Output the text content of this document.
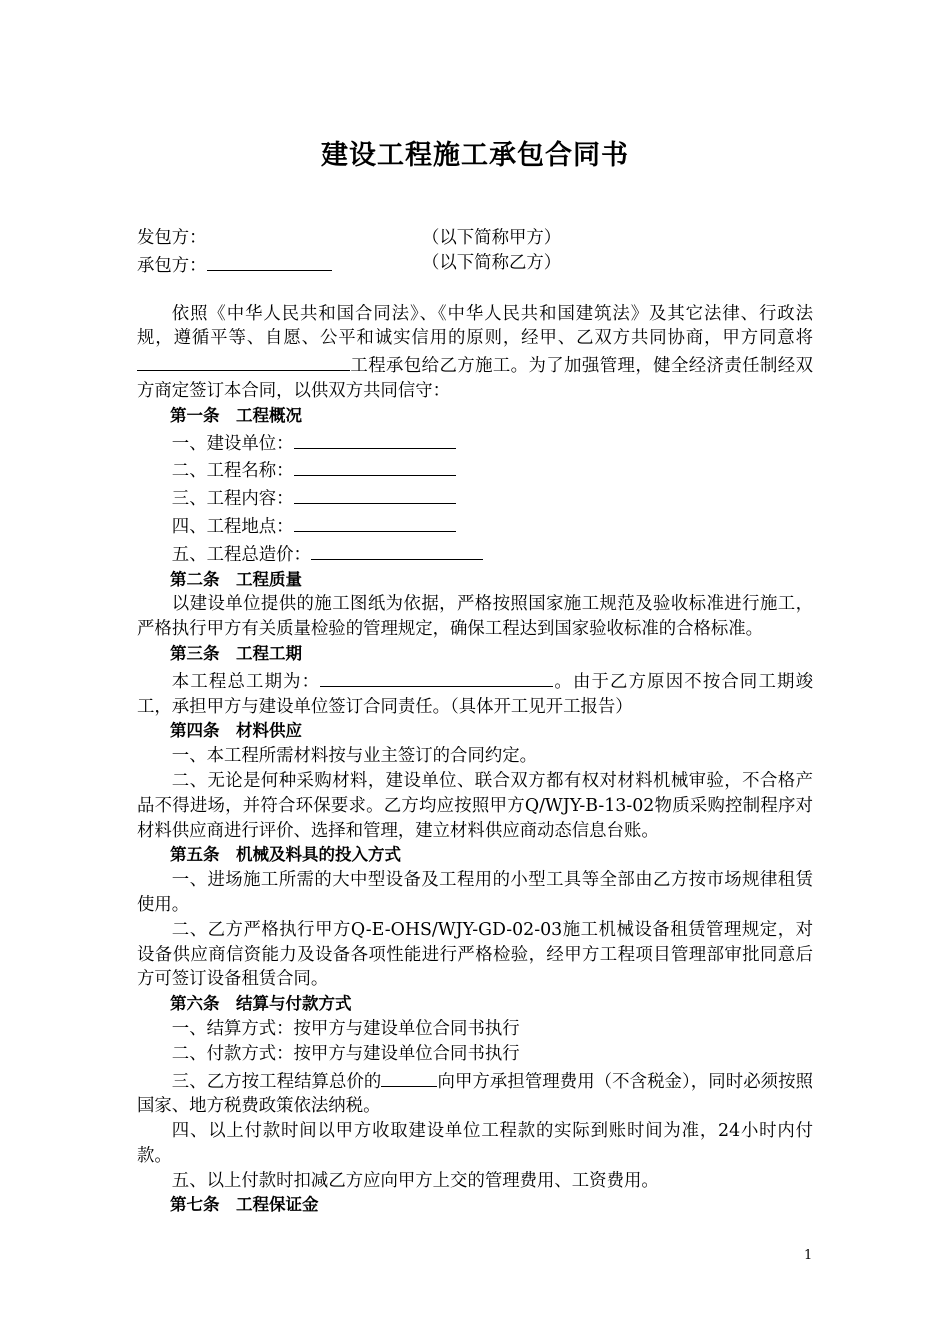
建设工程施工承包合同书
发包方：	（以下简称甲方）
承包方：	（以下简称乙方）

依照《中华人民共和国合同法》、《中华人民共和国建筑法》及其它法律、行政法规，遵循平等、自愿、公平和诚实信用的原则，经甲、乙双方共同协商，甲方同意将工程承包给乙方施工。为了加强管理，健全经济责任制经双方商定签订本合同，以供双方共同信守：

第一条　工程概况
一、建设单位：
二、工程名称：
三、工程内容：
四、工程地点：
五、工程总造价：
第二条　工程质量

以建设单位提供的施工图纸为依据，严格按照国家施工规范及验收标准进行施工，严格执行甲方有关质量检验的管理规定，确保工程达到国家验收标准的合格标准。

第三条　工程工期

本工程总工期为：	。由于乙方原因不按合同工期竣工，承担甲方与建设单位签订合同责任。（具体开工见开工报告）

第四条　材料供应

一、本工程所需材料按与业主签订的合同约定。

二、无论是何种采购材料，建设单位、联合双方都有权对材料机械审验，不合格产品不得进场，并符合环保要求。乙方均应按照甲方Q/WJY-B-13-02物质采购控制程序对材料供应商进行评价、选择和管理，建立材料供应商动态信息台账。

第五条　机械及料具的投入方式

一、进场施工所需的大中型设备及工程用的小型工具等全部由乙方按市场规律租赁使用。

二、乙方严格执行甲方Q-E-OHS/WJY-GD-02-03施工机械设备租赁管理规定，对设备供应商信资能力及设备各项性能进行严格检验，经甲方工程项目管理部审批同意后方可签订设备租赁合同。

第六条　结算与付款方式

一、结算方式：按甲方与建设单位合同书执行

二、付款方式：按甲方与建设单位合同书执行

三、乙方按工程结算总价的	向甲方承担管理费用（不含税金），同时必须按照国家、地方税费政策依法纳税。

四、以上付款时间以甲方收取建设单位工程款的实际到账时间为准，24小时内付款。

五、以上付款时扣减乙方应向甲方上交的管理费用、工资费用。

第七条　工程保证金
1
